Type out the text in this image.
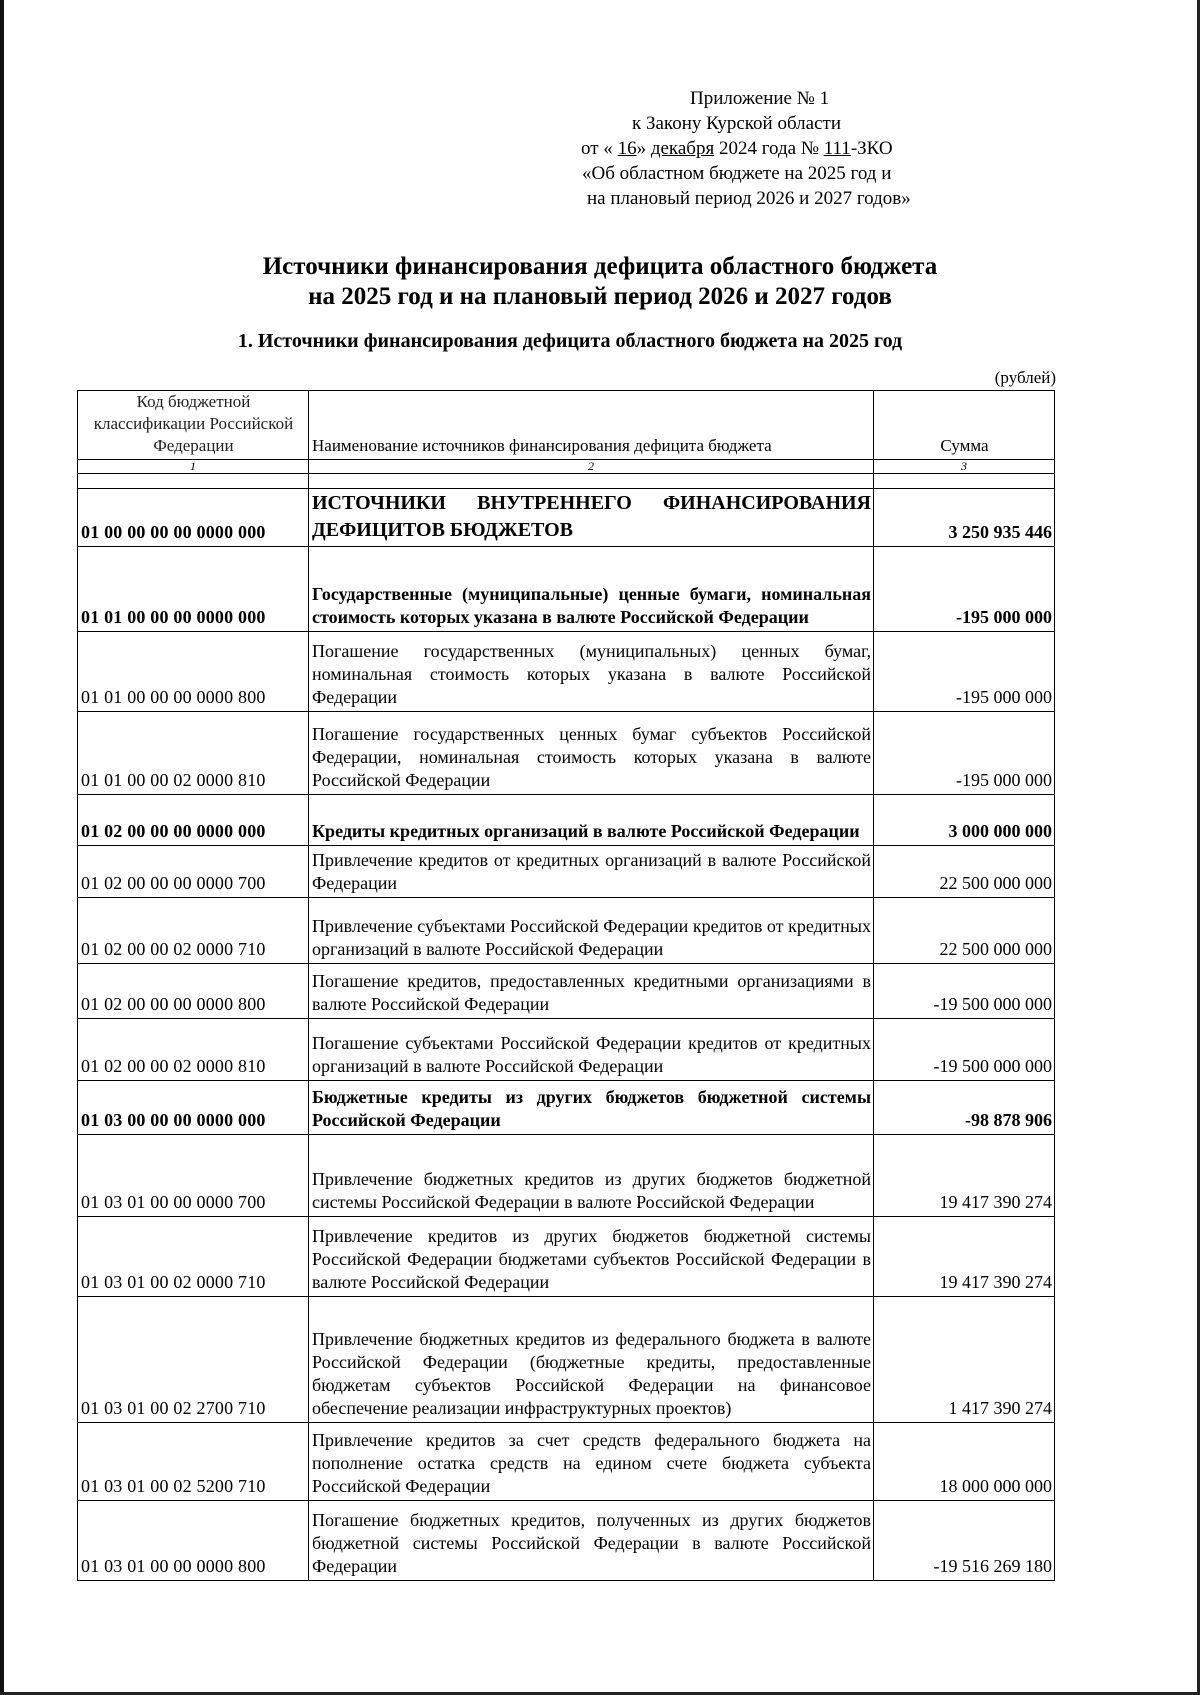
Приложение № 1
к Закону Курской области
от « 16» декабря 2024 года № 111-ЗКО
«Об областном бюджете на 2025 год и
на плановый период 2026 и 2027 годов»
Источники финансирования дефицита областного бюджета
на 2025 год и на плановый период 2026 и 2027 годов
1. Источники финансирования дефицита областного бюджета на 2025 год
(рублей)
Код бюджетной классификации Российской Федерации	Наименование источников финансирования дефицита бюджета	Сумма
1	2	3

01 00 00 00 00 0000 000	ИСТОЧНИКИ ВНУТРЕННЕГО ФИНАНСИРОВАНИЯ ДЕФИЦИТОВ БЮДЖЕТОВ	3 250 935 446
01 01 00 00 00 0000 000	Государственные (муниципальные) ценные бумаги, номинальная стоимость которых указана в валюте Российской Федерации	-195 000 000
01 01 00 00 00 0000 800	Погашение государственных (муниципальных) ценных бумаг, номинальная стоимость которых указана в валюте Российской Федерации	-195 000 000
01 01 00 00 02 0000 810	Погашение государственных ценных бумаг субъектов Российской Федерации, номинальная стоимость которых указана в валюте Российской Федерации	-195 000 000
01 02 00 00 00 0000 000	Кредиты кредитных организаций в валюте Российской Федерации	3 000 000 000
01 02 00 00 00 0000 700	Привлечение кредитов от кредитных организаций в валюте Российской Федерации	22 500 000 000
01 02 00 00 02 0000 710	Привлечение субъектами Российской Федерации кредитов от кредитных организаций в валюте Российской Федерации	22 500 000 000
01 02 00 00 00 0000 800	Погашение кредитов, предоставленных кредитными организациями в валюте Российской Федерации	-19 500 000 000
01 02 00 00 02 0000 810	Погашение субъектами Российской Федерации кредитов от кредитных организаций в валюте Российской Федерации	-19 500 000 000
01 03 00 00 00 0000 000	Бюджетные кредиты из других бюджетов бюджетной системы Российской Федерации	-98 878 906
01 03 01 00 00 0000 700	Привлечение бюджетных кредитов из других бюджетов бюджетной системы Российской Федерации в валюте Российской Федерации	19 417 390 274
01 03 01 00 02 0000 710	Привлечение кредитов из других бюджетов бюджетной системы Российской Федерации бюджетами субъектов Российской Федерации в валюте Российской Федерации	19 417 390 274
01 03 01 00 02 2700 710	Привлечение бюджетных кредитов из федерального бюджета в валюте Российской Федерации (бюджетные кредиты, предоставленные бюджетам субъектов Российской Федерации на финансовое обеспечение реализации инфраструктурных проектов)	1 417 390 274
01 03 01 00 02 5200 710	Привлечение кредитов за счет средств федерального бюджета на пополнение остатка средств на едином счете бюджета субъекта Российской Федерации	18 000 000 000
01 03 01 00 00 0000 800	Погашение бюджетных кредитов, полученных из других бюджетов бюджетной системы Российской Федерации в валюте Российской Федерации	-19 516 269 180
